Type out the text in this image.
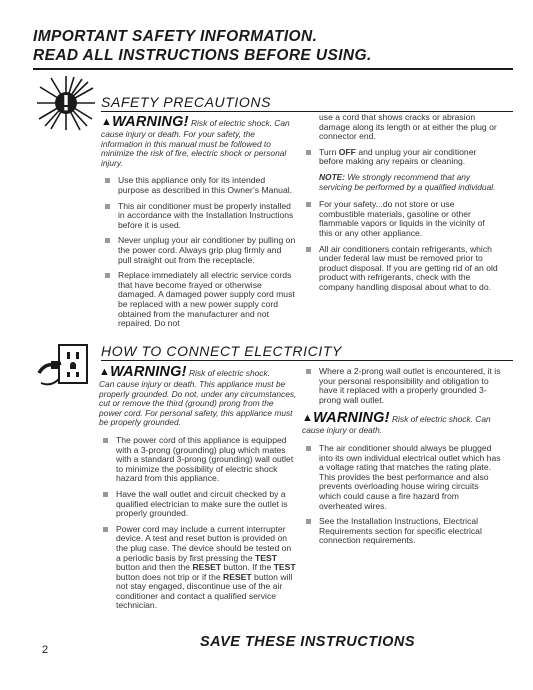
IMPORTANT SAFETY INFORMATION.
READ ALL INSTRUCTIONS BEFORE USING.
SAFETY PRECAUTIONS
▲WARNING! Risk of electric shock. Can
cause injury or death. For your safety, the information in this manual must be followed to minimize the risk of fire, electric shock or personal injury.
Use this appliance only for its intended purpose as described in this Owner’s Manual.
This air conditioner must be properly installed in accordance with the Installation Instructions before it is used.
Never unplug your air conditioner by pulling on the power cord. Always grip plug firmly and pull straight out from the receptacle.
Replace immediately all electric service cords that have become frayed or otherwise damaged. A damaged power supply cord must be replaced with a new power supply cord obtained from the manufacturer and not repaired. Do not
use a cord that shows cracks or abrasion damage along its length or at either the plug or connector end.
Turn OFF and unplug your air conditioner before making any repairs or cleaning.
NOTE: We strongly recommend that any servicing be performed by a qualified individual.
For your safety...do not store or use combustible materials, gasoline or other flammable vapors or liquids in the vicinity of this or any other appliance.
All air conditioners contain refrigerants, which under federal law must be removed prior to product disposal. If you are getting rid of an old product with refrigerants, check with the company handling disposal about what to do.
HOW TO CONNECT ELECTRICITY
▲WARNING! Risk of electric shock.
Can cause injury or death. This appliance must be properly grounded. Do not, under any circumstances, cut or remove the third (ground) prong from the power cord. For personal safety, this appliance must be properly grounded.
The power cord of this appliance is equipped with a 3-prong (grounding) plug which mates with a standard 3-prong (grounding) wall outlet to minimize the possibility of electric shock hazard from this appliance.
Have the wall outlet and circuit checked by a qualified electrician to make sure the outlet is properly grounded.
Power cord may include a current interrupter device. A test and reset button is provided on the plug case. The device should be tested on a periodic basis by first pressing the TEST button and then the RESET button. If the TEST button does not trip or if the RESET button will not stay engaged, discontinue use of the air conditioner and contact a qualified service technician.
Where a 2-prong wall outlet is encountered, it is your personal responsibility and obligation to have it replaced with a properly grounded 3-prong wall outlet.
▲WARNING! Risk of electric shock. Can
cause injury or death.
The air conditioner should always be plugged into its own individual electrical outlet which has a voltage rating that matches the rating plate. This provides the best performance and also prevents overloading house wiring circuits which could cause a fire hazard from overheated wires.
See the Installation Instructions, Electrical Requirements section for specific electrical connection requirements.
SAVE THESE INSTRUCTIONS
2
